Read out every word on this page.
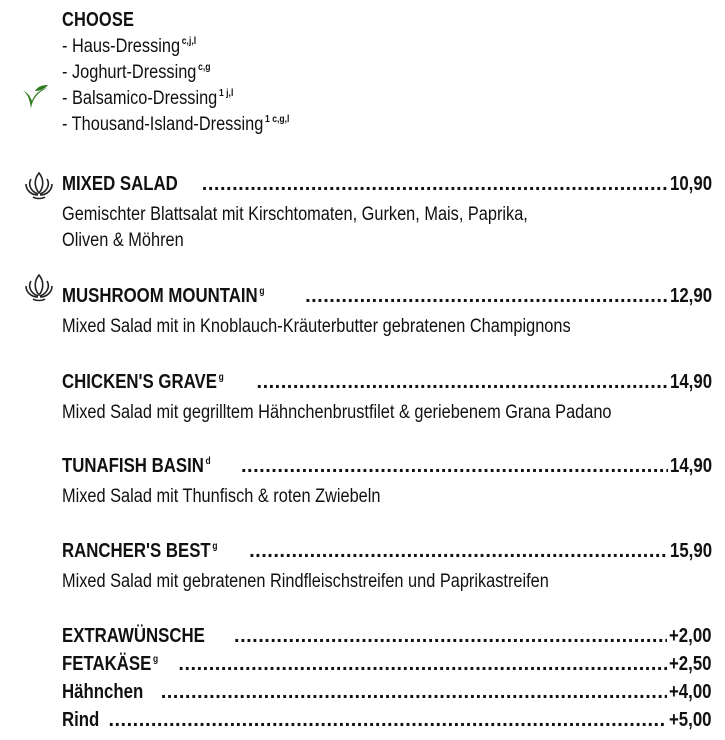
CHOOSE
- Haus-Dressing $^{c,j,l}$
- Joghurt-Dressing $^{c,g}$
- Balsamico-Dressing $^{1 j,l}$
- Thousand-Island-Dressing $^{1 c,g,l}$
MIXED SALAD .....	10,90
Gemischter Blattsalat mit Kirschtomaten, Gurken, Mais, Paprika,
Oliven & Möhren
MUSHROOM MOUNTAIN $^g$ .....	12,90
Mixed Salad mit in Knoblauch-Kräuterbutter gebratenen Champignons
CHICKEN'S GRAVE $^g$ .....	14,90
Mixed Salad mit gegrilltem Hähnchenbrustfilet & geriebenem Grana Padano
TUNAFISH BASIN $^d$ .....	14,90
Mixed Salad mit Thunfisch & roten Zwiebeln
RANCHER'S BEST $^g$ .....	15,90
Mixed Salad mit gebratenen Rindfleischstreifen und Paprikastreifen
EXTRAWÜNSCHE .....	+2,00
FETAKÄSE $^g$ .....	+2,50
Hähnchen .....	+4,00
Rind .....	+5,00
